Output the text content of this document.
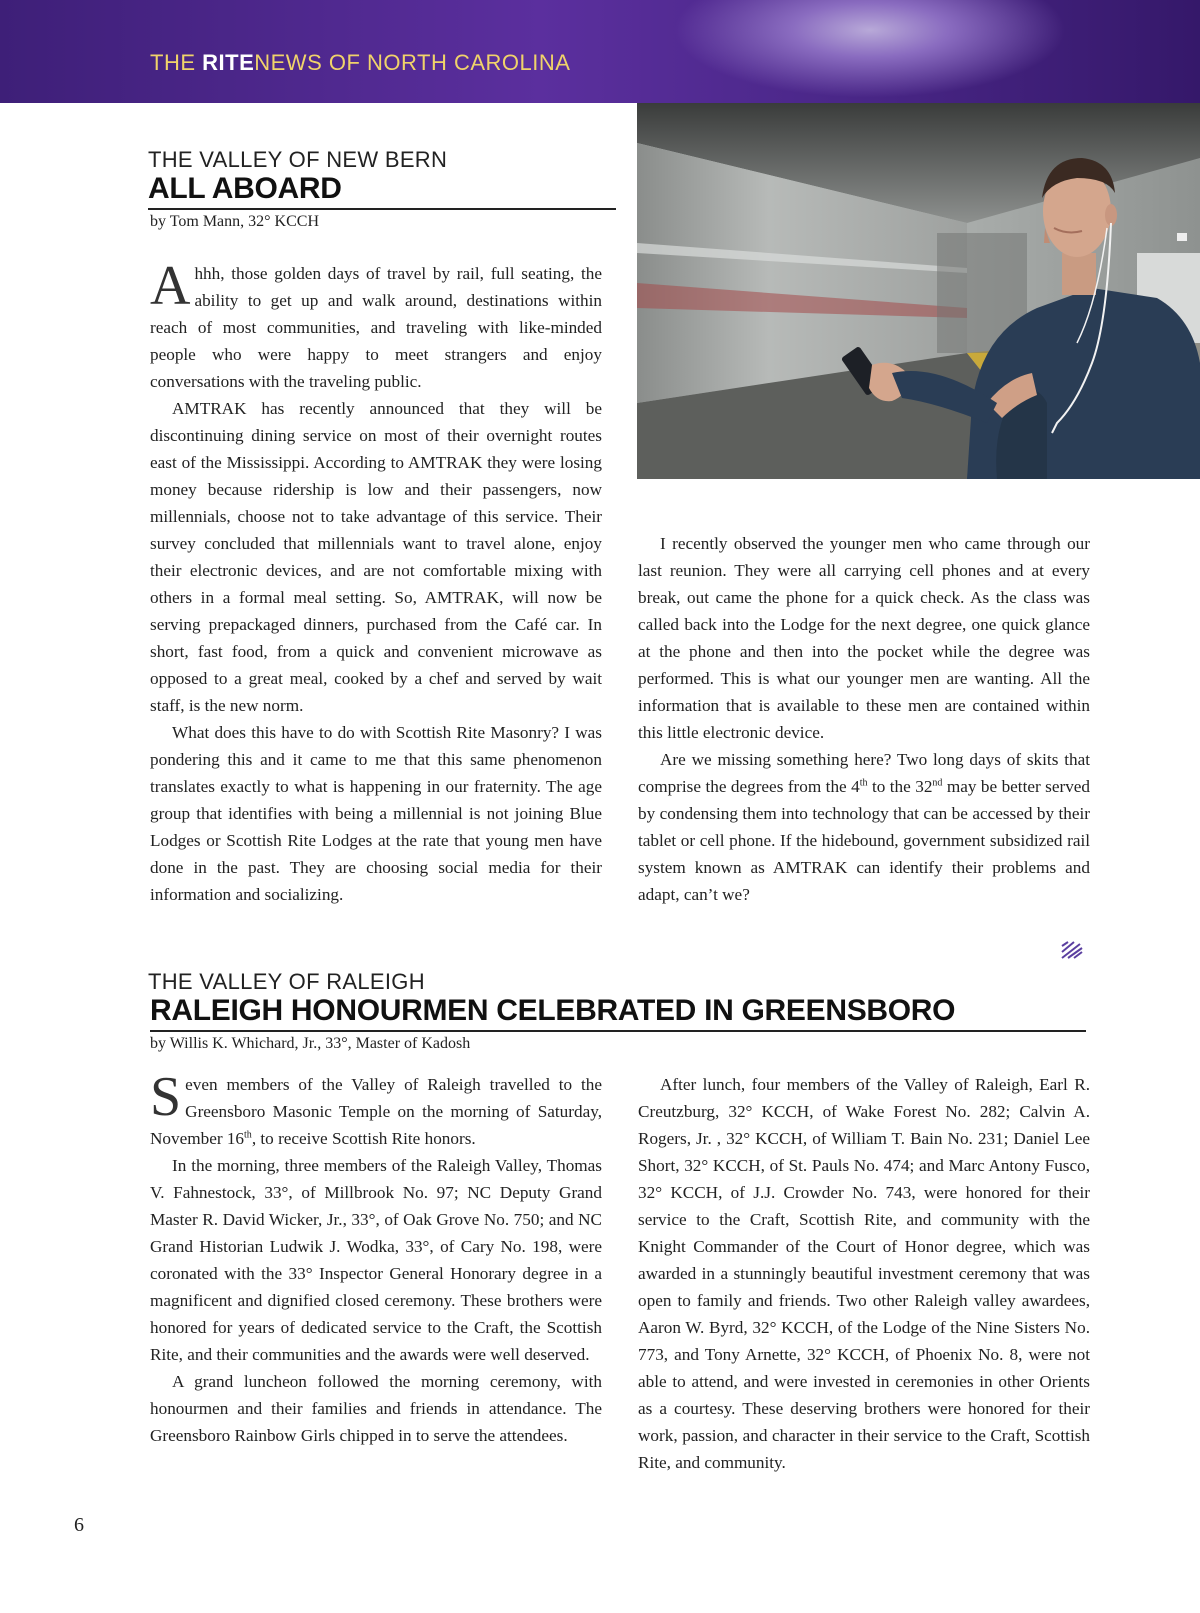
THE RITENEWS OF NORTH CAROLINA
THE VALLEY OF NEW BERN
ALL ABOARD
by Tom Mann, 32° KCCH

Ahhh, those golden days of travel by rail, full seating, the ability to get up and walk around, destinations within reach of most communities, and traveling with like-minded people who were happy to meet strangers and enjoy conversations with the traveling public.

AMTRAK has recently announced that they will be discontinuing dining service on most of their overnight routes east of the Mississippi. According to AMTRAK they were losing money because ridership is low and their passengers, now millennials, choose not to take advantage of this service. Their survey concluded that millennials want to travel alone, enjoy their electronic devices, and are not comfortable mixing with others in a formal meal setting. So, AMTRAK, will now be serving prepackaged dinners, purchased from the Café car. In short, fast food, from a quick and convenient microwave as opposed to a great meal, cooked by a chef and served by wait staff, is the new norm.

What does this have to do with Scottish Rite Masonry? I was pondering this and it came to me that this same phenomenon translates exactly to what is happening in our fraternity. The age group that identifies with being a millennial is not joining Blue Lodges or Scottish Rite Lodges at the rate that young men have done in the past. They are choosing social media for their information and socializing.

I recently observed the younger men who came through our last reunion. They were all carrying cell phones and at every break, out came the phone for a quick check. As the class was called back into the Lodge for the next degree, one quick glance at the phone and then into the pocket while the degree was performed. This is what our younger men are wanting. All the information that is available to these men are contained within this little electronic device.

Are we missing something here? Two long days of skits that comprise the degrees from the 4th to the 32nd may be better served by condensing them into technology that can be accessed by their tablet or cell phone. If the hidebound, government subsidized rail system known as AMTRAK can identify their problems and adapt, can’t we?

THE VALLEY OF RALEIGH
RALEIGH HONOURMEN CELEBRATED IN GREENSBORO
by Willis K. Whichard, Jr., 33°, Master of Kadosh

Seven members of the Valley of Raleigh travelled to the Greensboro Masonic Temple on the morning of Saturday, November 16th, to receive Scottish Rite honors.

In the morning, three members of the Raleigh Valley, Thomas V. Fahnestock, 33°, of Millbrook No. 97; NC Deputy Grand Master R. David Wicker, Jr., 33°, of Oak Grove No. 750; and NC Grand Historian Ludwik J. Wodka, 33°, of Cary No. 198, were coronated with the 33° Inspector General Honorary degree in a magnificent and dignified closed ceremony. These brothers were honored for years of dedicated service to the Craft, the Scottish Rite, and their communities and the awards were well deserved.

A grand luncheon followed the morning ceremony, with honourmen and their families and friends in attendance. The Greensboro Rainbow Girls chipped in to serve the attendees.

After lunch, four members of the Valley of Raleigh, Earl R. Creutzburg, 32° KCCH, of Wake Forest No. 282; Calvin A. Rogers, Jr. , 32° KCCH, of William T. Bain No. 231; Daniel Lee Short, 32° KCCH, of St. Pauls No. 474; and Marc Antony Fusco, 32° KCCH, of J.J. Crowder No. 743, were honored for their service to the Craft, Scottish Rite, and community with the Knight Commander of the Court of Honor degree, which was awarded in a stunningly beautiful investment ceremony that was open to family and friends. Two other Raleigh valley awardees, Aaron W. Byrd, 32° KCCH, of the Lodge of the Nine Sisters No. 773, and Tony Arnette, 32° KCCH, of Phoenix No. 8, were not able to attend, and were invested in ceremonies in other Orients as a courtesy. These deserving brothers were honored for their work, passion, and character in their service to the Craft, Scottish Rite, and community.

6
